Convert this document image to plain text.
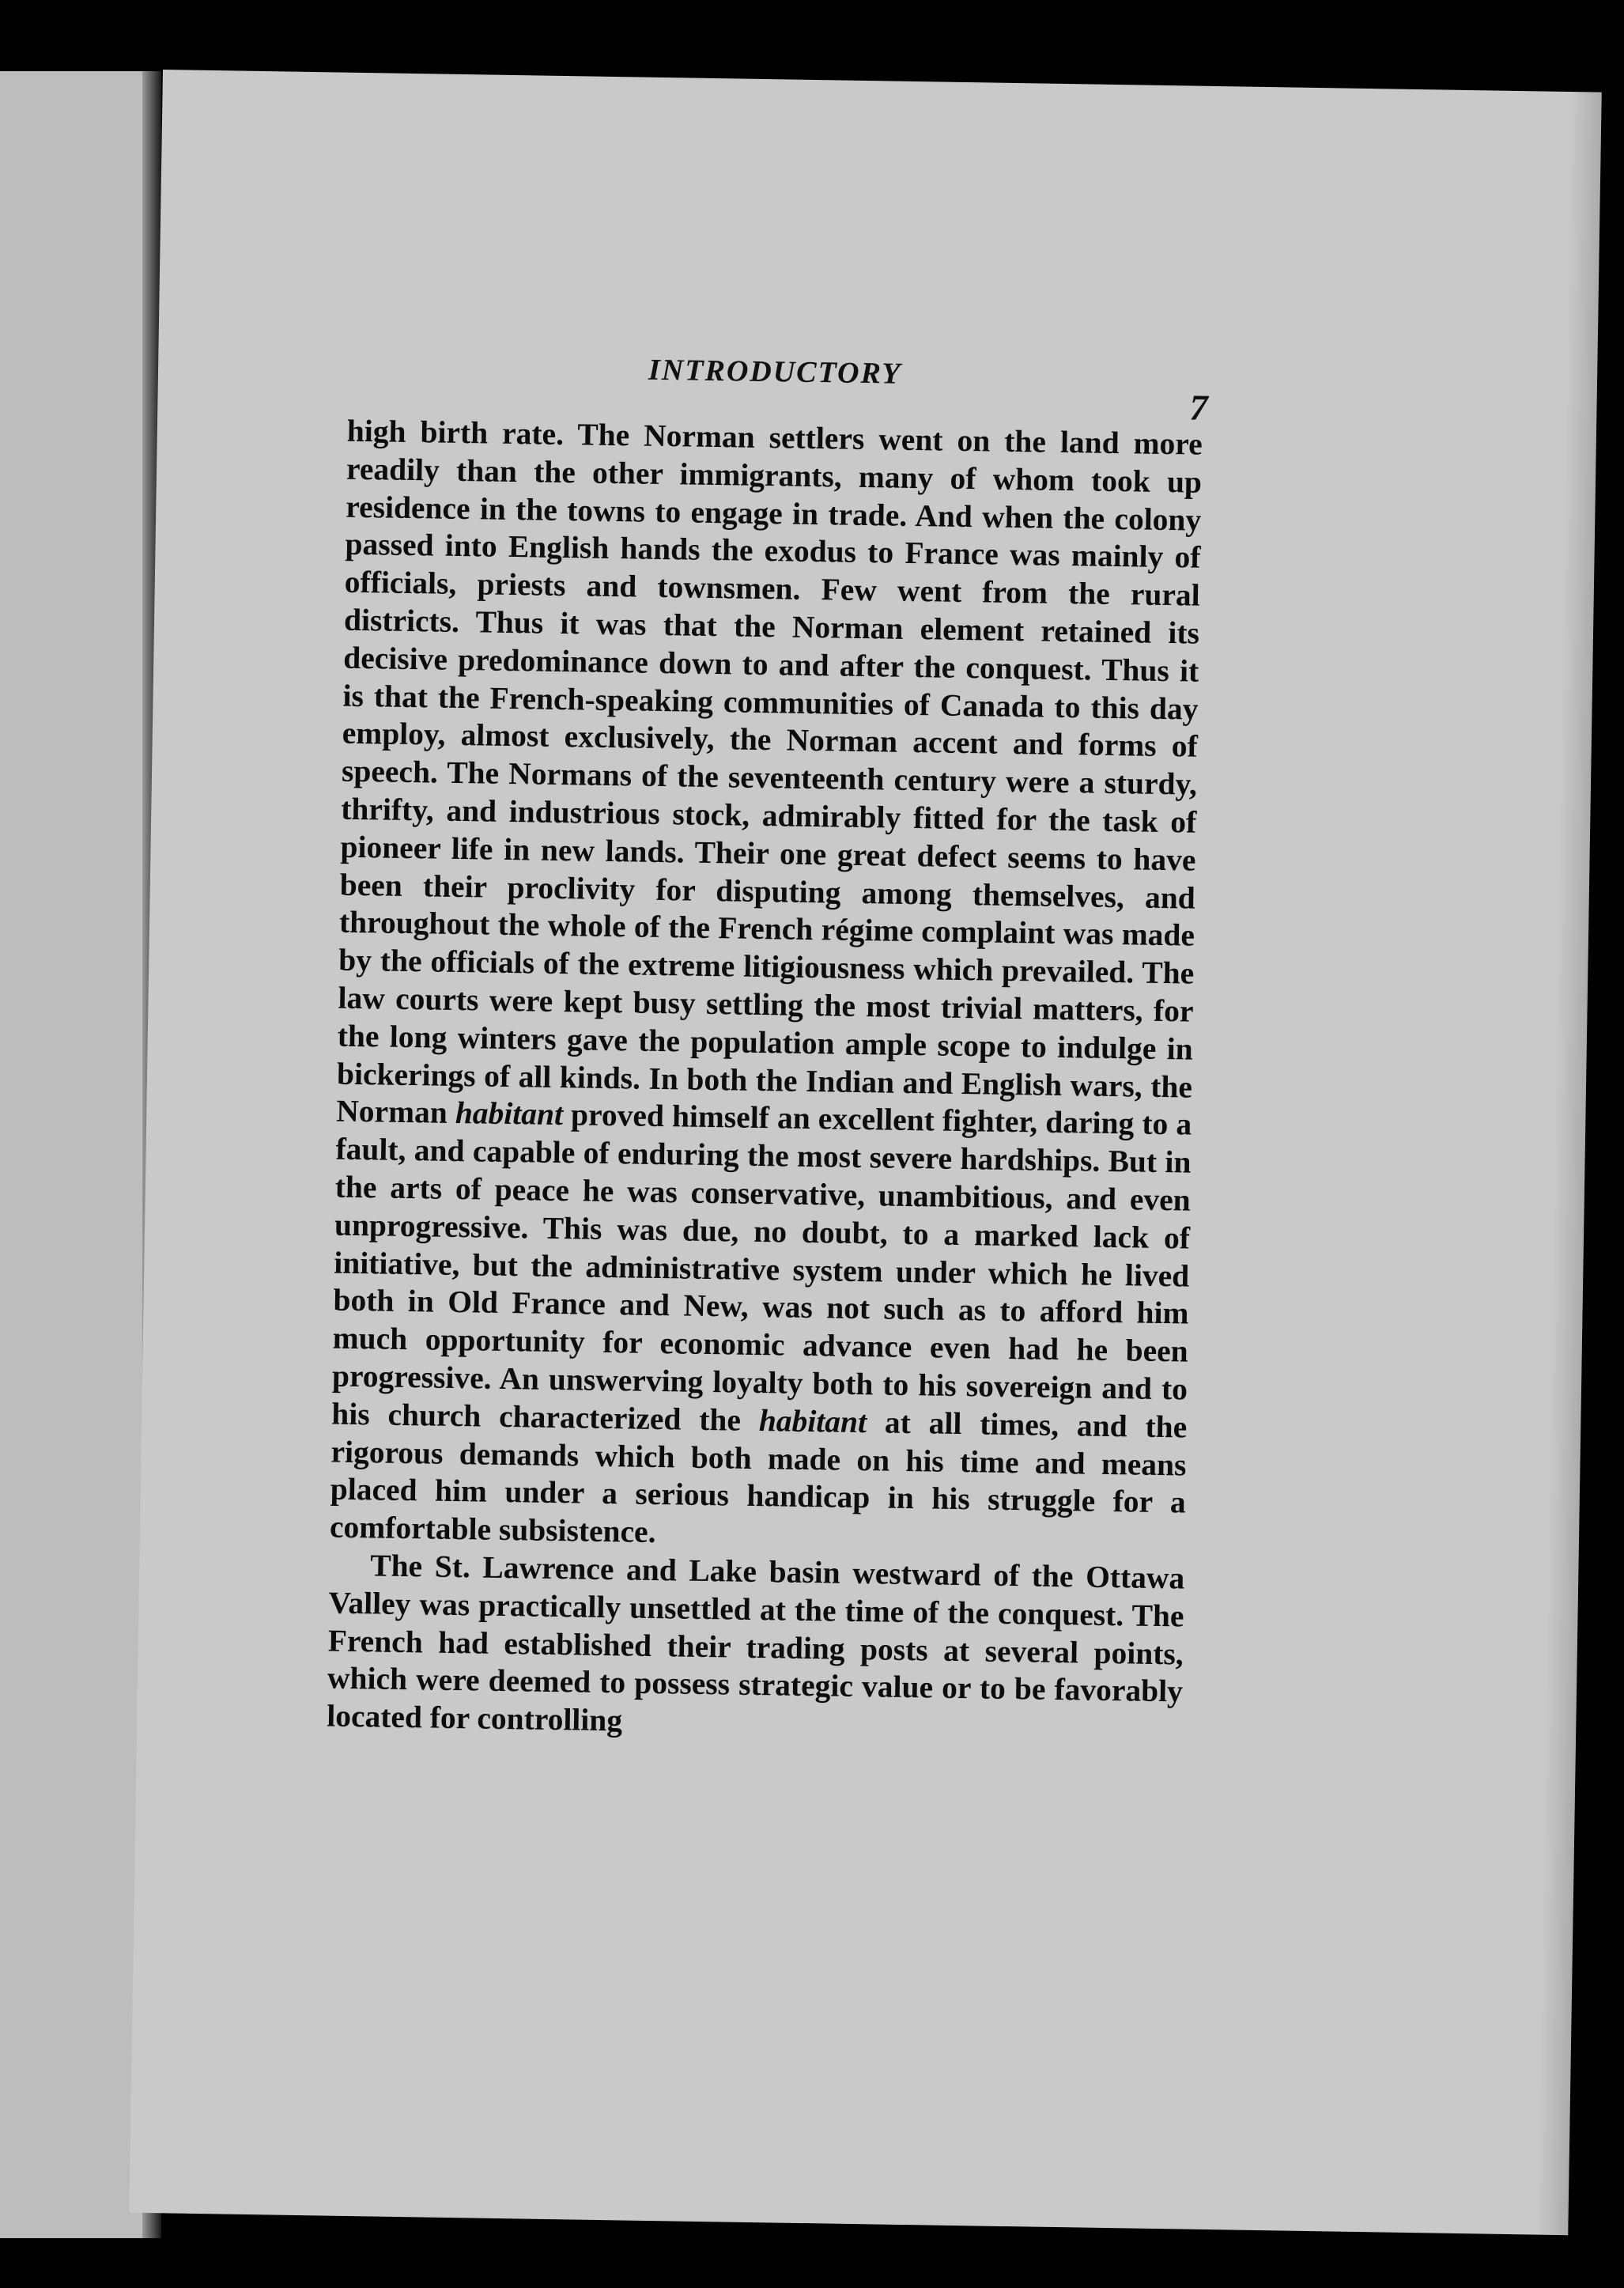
INTRODUCTORY
7

high birth rate. The Norman settlers went on the land more readily than the other immigrants, many of whom took up residence in the towns to engage in trade. And when the colony passed into English hands the exodus to France was mainly of officials, priests and townsmen. Few went from the rural districts. Thus it was that the Norman element retained its decisive predominance down to and after the conquest. Thus it is that the French-speaking communities of Canada to this day employ, almost exclusively, the Norman accent and forms of speech. The Normans of the seventeenth century were a sturdy, thrifty, and industrious stock, admirably fitted for the task of pioneer life in new lands. Their one great defect seems to have been their proclivity for disputing among themselves, and throughout the whole of the French régime complaint was made by the officials of the extreme litigiousness which prevailed. The law courts were kept busy settling the most trivial matters, for the long winters gave the population ample scope to indulge in bickerings of all kinds. In both the Indian and English wars, the Norman habitant proved himself an excellent fighter, daring to a fault, and capable of enduring the most severe hardships. But in the arts of peace he was conservative, unambitious, and even unprogressive. This was due, no doubt, to a marked lack of initiative, but the administrative system under which he lived both in Old France and New, was not such as to afford him much opportunity for economic advance even had he been progressive. An unswerving loyalty both to his sovereign and to his church characterized the habitant at all times, and the rigorous demands which both made on his time and means placed him under a serious handicap in his struggle for a comfortable subsistence.

The St. Lawrence and Lake basin westward of the Ottawa Valley was practically unsettled at the time of the conquest. The French had established their trading posts at several points, which were deemed to possess strategic value or to be favorably located for controlling
